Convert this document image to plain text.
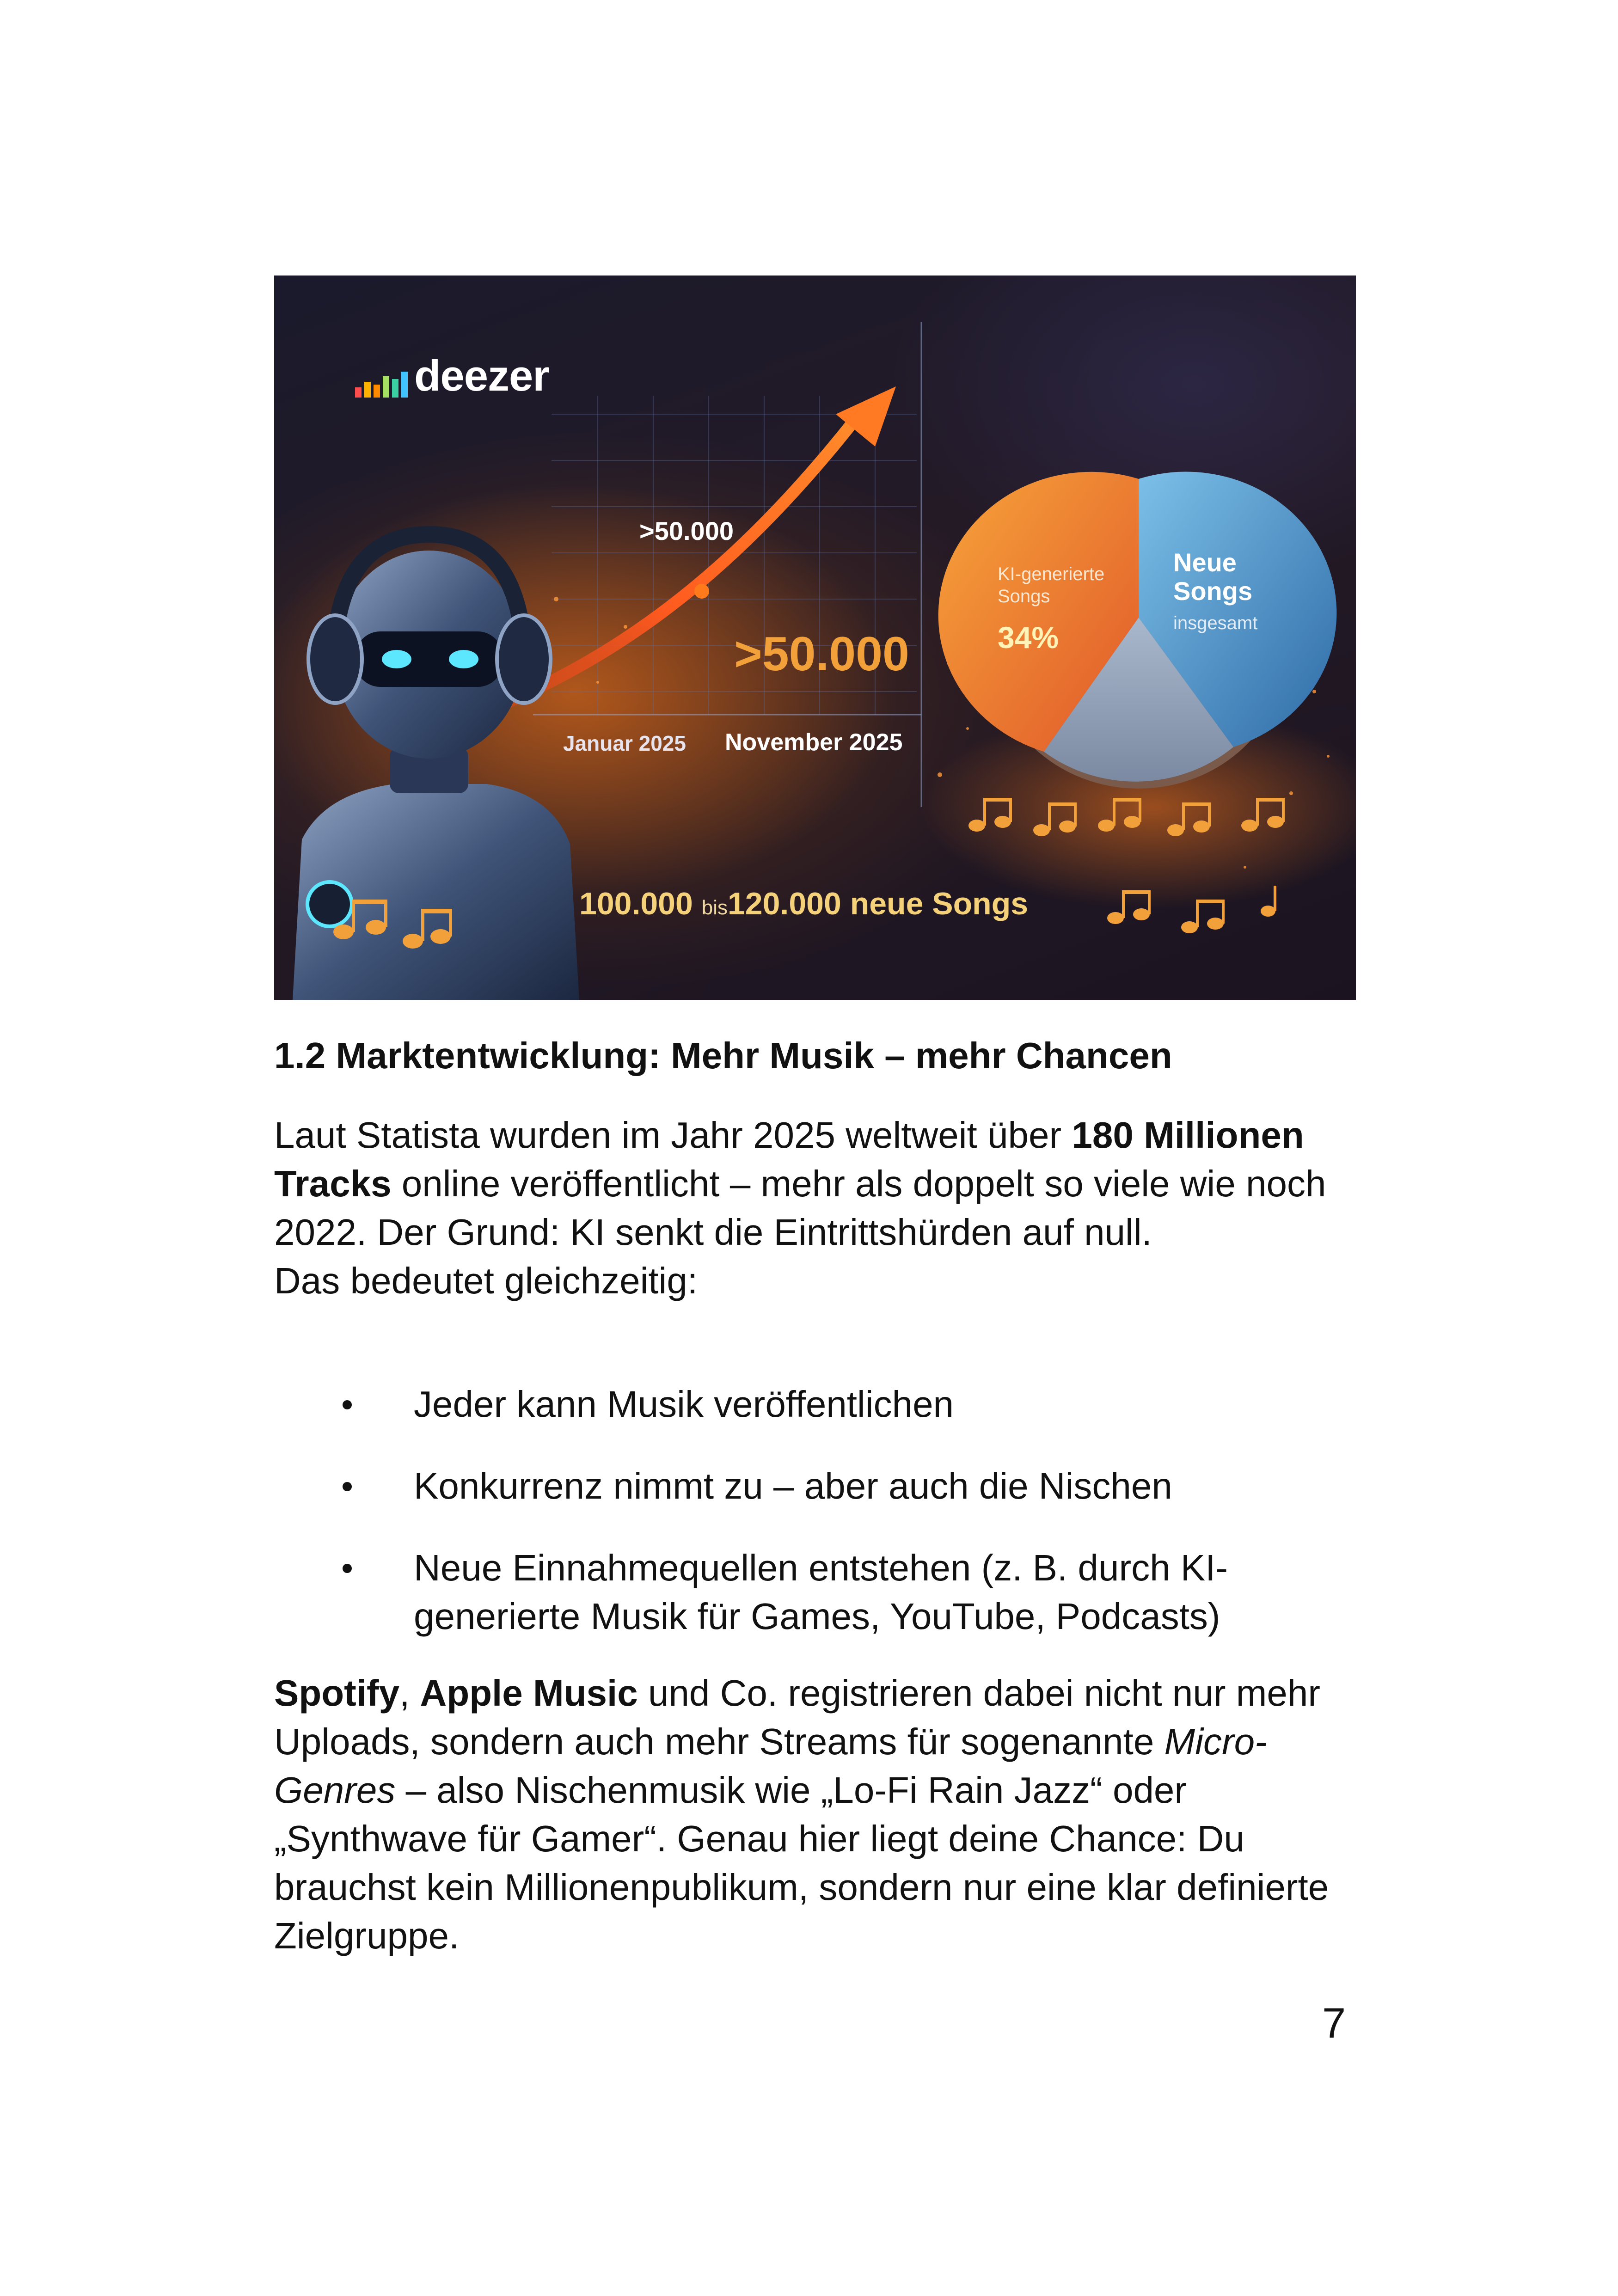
deezer
>50.000
>50.000
Januar 2025 November 2025
KI-generierte
Songs
34%
Neue
Songs
insgesamt
100.000 bis120.000 neue Songs
1.2 Marktentwicklung: Mehr Musik – mehr Chancen

Laut Statista wurden im Jahr 2025 weltweit über 180 Millionen Tracks online veröffentlicht – mehr als doppelt so viele wie noch 2022. Der Grund: KI senkt die Eintrittshürden auf null.
Das bedeutet gleichzeitig:

Jeder kann Musik veröffentlichen
Konkurrenz nimmt zu – aber auch die Nischen
Neue Einnahmequellen entstehen (z. B. durch KI-generierte Musik für Games, YouTube, Podcasts)

Spotify, Apple Music und Co. registrieren dabei nicht nur mehr Uploads, sondern auch mehr Streams für sogenannte Micro-Genres – also Nischenmusik wie „Lo-Fi Rain Jazz“ oder „Synthwave für Gamer“. Genau hier liegt deine Chance: Du brauchst kein Millionenpublikum, sondern nur eine klar definierte Zielgruppe.

7
